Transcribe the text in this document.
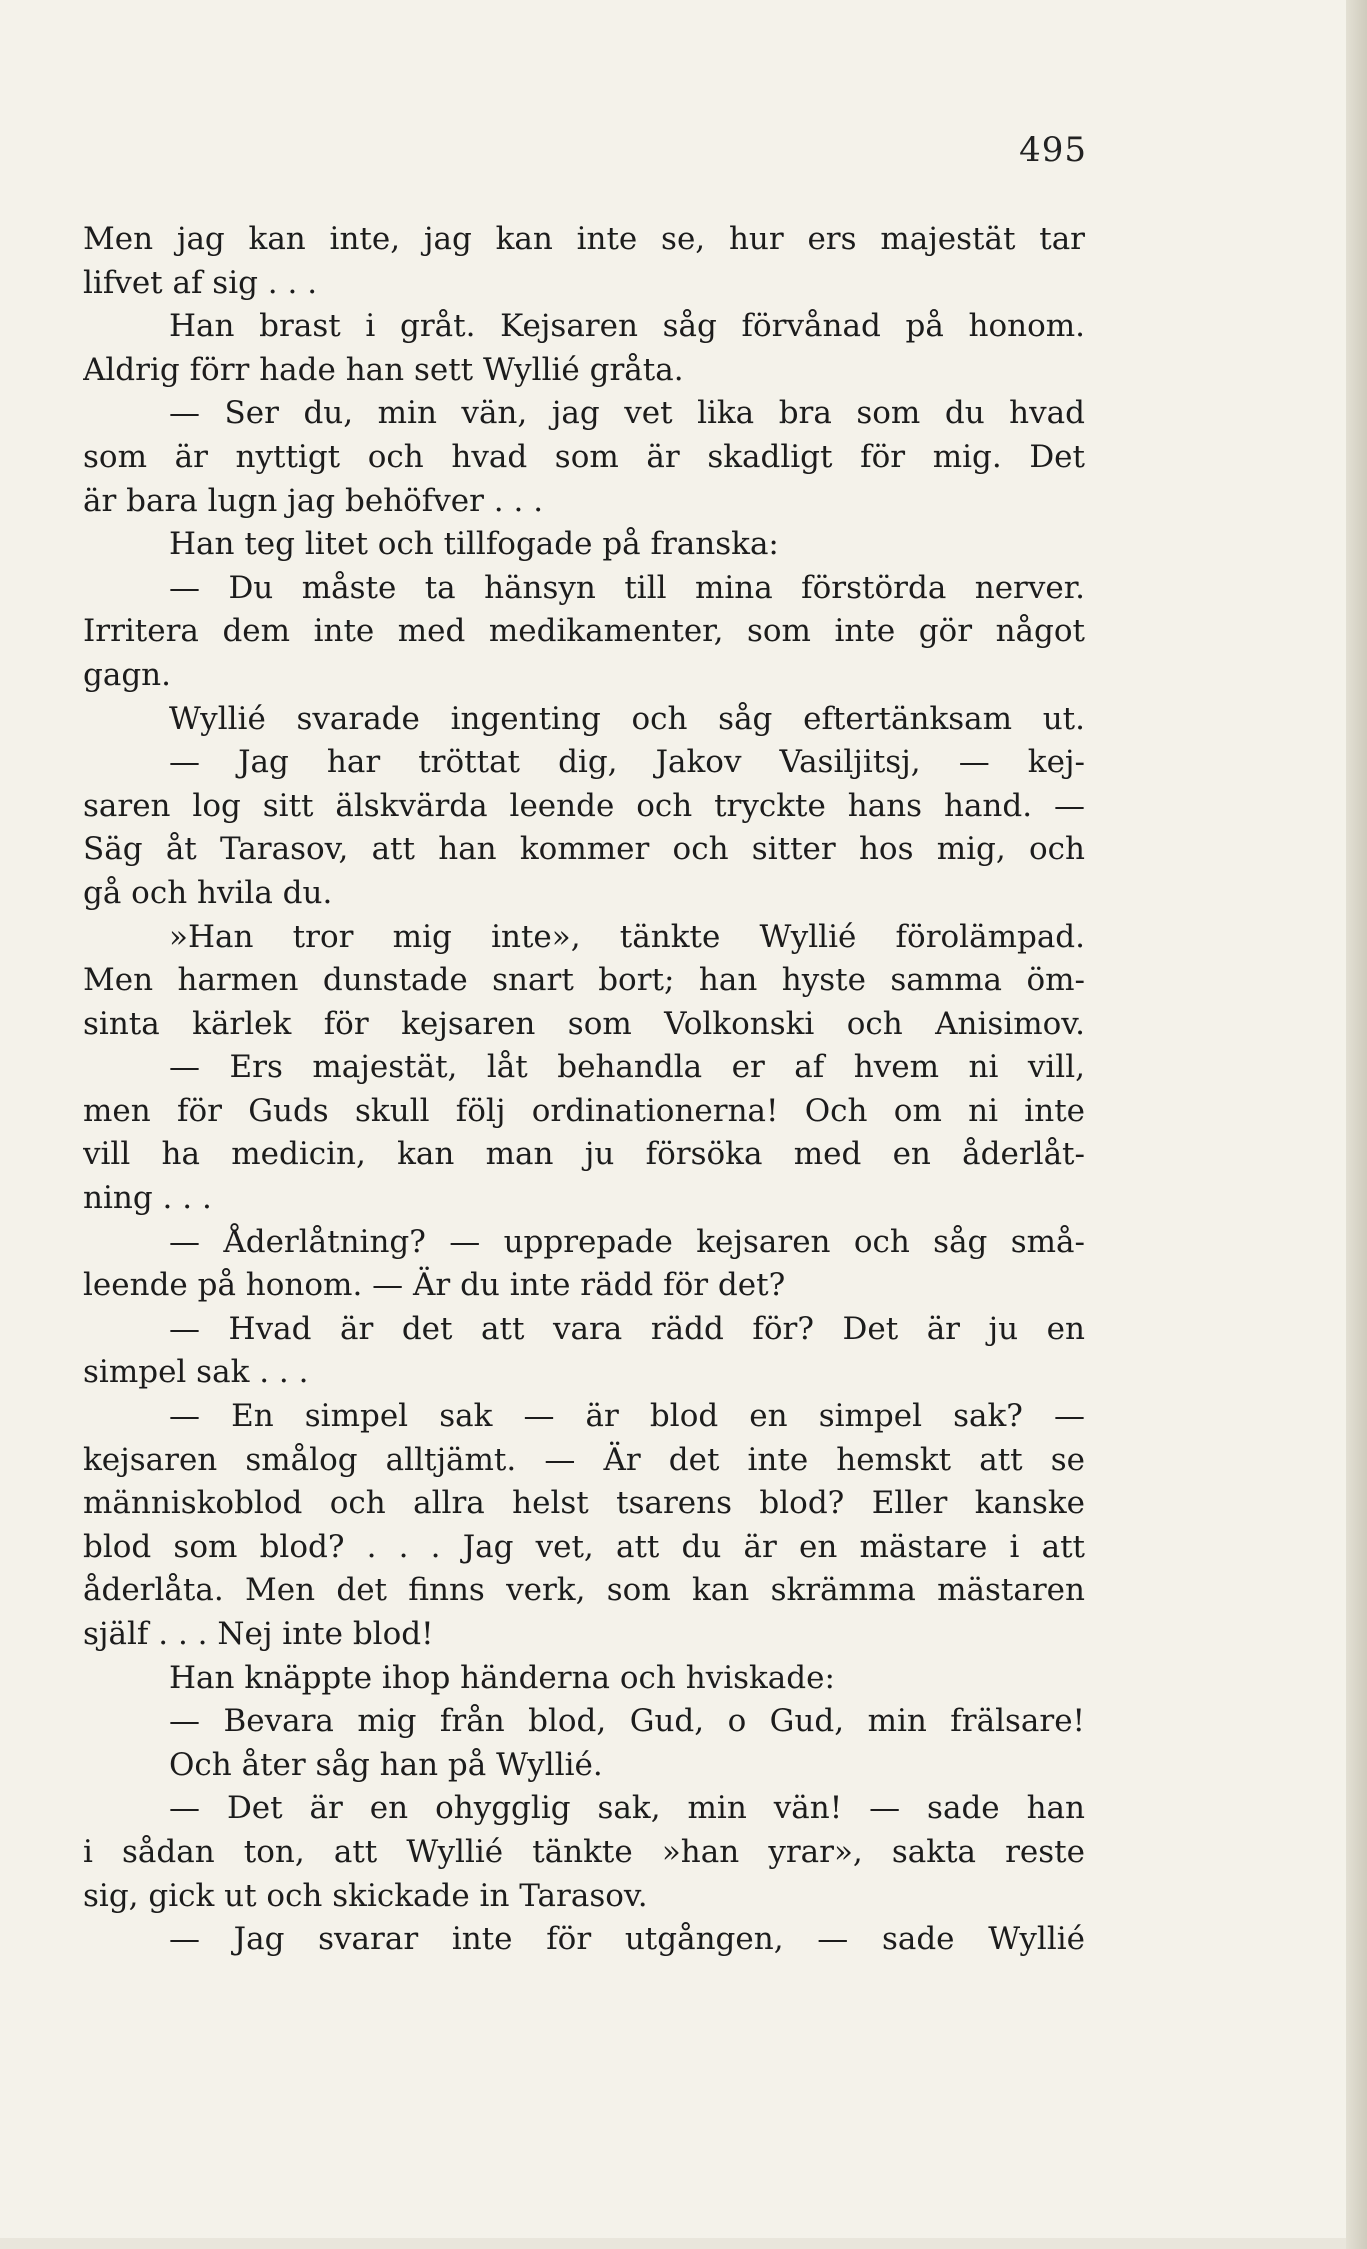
495
Men jag kan inte, jag kan inte se, hur ers majestät tar
lifvet af sig . . .
Han brast i gråt. Kejsaren såg förvånad på honom.
Aldrig förr hade han sett Wyllié gråta.
— Ser du, min vän, jag vet lika bra som du hvad
som är nyttigt och hvad som är skadligt för mig. Det
är bara lugn jag behöfver . . .
Han teg litet och tillfogade på franska:
— Du måste ta hänsyn till mina förstörda nerver.
Irritera dem inte med medikamenter, som inte gör något
gagn.
Wyllié svarade ingenting och såg eftertänksam ut.
— Jag har tröttat dig, Jakov Vasiljitsj, — kej-
saren log sitt älskvärda leende och tryckte hans hand. —
Säg åt Tarasov, att han kommer och sitter hos mig, och
gå och hvila du.
»Han tror mig inte», tänkte Wyllié förolämpad.
Men harmen dunstade snart bort; han hyste samma öm-
sinta kärlek för kejsaren som Volkonski och Anisimov.
— Ers majestät, låt behandla er af hvem ni vill,
men för Guds skull följ ordinationerna! Och om ni inte
vill ha medicin, kan man ju försöka med en åderlåt-
ning . . .
— Åderlåtning? — upprepade kejsaren och såg små-
leende på honom. — Är du inte rädd för det?
— Hvad är det att vara rädd för? Det är ju en
simpel sak . . .
— En simpel sak — är blod en simpel sak? —
kejsaren smålog alltjämt. — Är det inte hemskt att se
människoblod och allra helst tsarens blod? Eller kanske
blod som blod? . . . Jag vet, att du är en mästare i att
åderlåta. Men det finns verk, som kan skrämma mästaren
själf . . . Nej inte blod!
Han knäppte ihop händerna och hviskade:
— Bevara mig från blod, Gud, o Gud, min frälsare!
Och åter såg han på Wyllié.
— Det är en ohygglig sak, min vän! — sade han
i sådan ton, att Wyllié tänkte »han yrar», sakta reste
sig, gick ut och skickade in Tarasov.
— Jag svarar inte för utgången, — sade Wyllié
